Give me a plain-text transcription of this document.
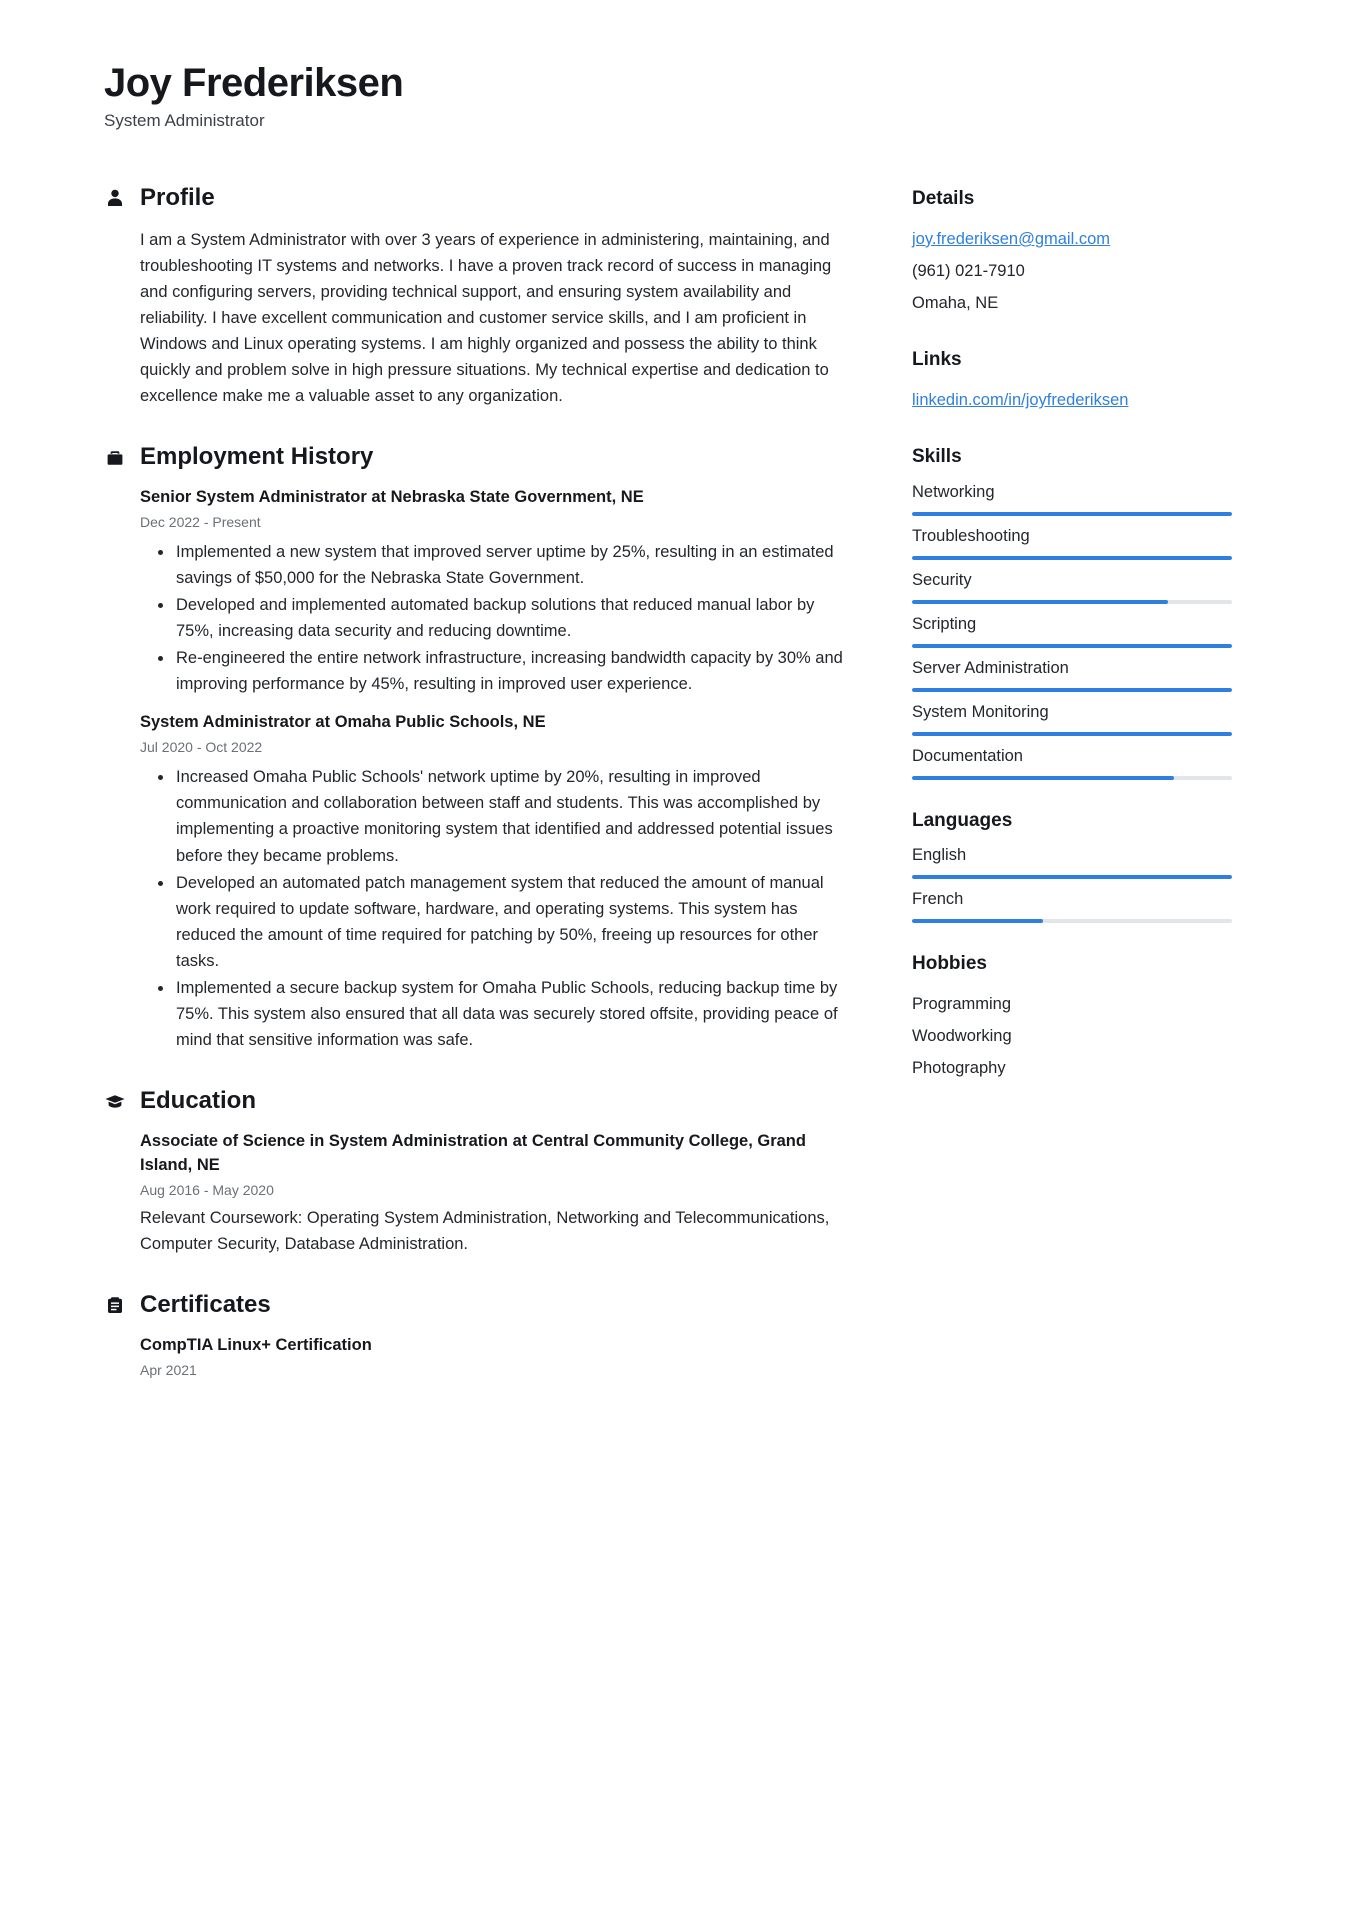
Joy Frederiksen
System Administrator
Profile

I am a System Administrator with over 3 years of experience in administering, maintaining, and troubleshooting IT systems and networks. I have a proven track record of success in managing and configuring servers, providing technical support, and ensuring system availability and reliability. I have excellent communication and customer service skills, and I am proficient in Windows and Linux operating systems. I am highly organized and possess the ability to think quickly and problem solve in high pressure situations. My technical expertise and dedication to excellence make me a valuable asset to any organization.

Employment History
Senior System Administrator at Nebraska State Government, NE
Dec 2022 - Present
Implemented a new system that improved server uptime by 25%, resulting in an estimated savings of $50,000 for the Nebraska State Government.
Developed and implemented automated backup solutions that reduced manual labor by 75%, increasing data security and reducing downtime.
Re-engineered the entire network infrastructure, increasing bandwidth capacity by 30% and improving performance by 45%, resulting in improved user experience.
System Administrator at Omaha Public Schools, NE
Jul 2020 - Oct 2022
Increased Omaha Public Schools' network uptime by 20%, resulting in improved communication and collaboration between staff and students. This was accomplished by implementing a proactive monitoring system that identified and addressed potential issues before they became problems.
Developed an automated patch management system that reduced the amount of manual work required to update software, hardware, and operating systems. This system has reduced the amount of time required for patching by 50%, freeing up resources for other tasks.
Implemented a secure backup system for Omaha Public Schools, reducing backup time by 75%. This system also ensured that all data was securely stored offsite, providing peace of mind that sensitive information was safe.
Education
Associate of Science in System Administration at Central Community College, Grand Island, NE
Aug 2016 - May 2020

Relevant Coursework: Operating System Administration, Networking and Telecommunications, Computer Security, Database Administration.

Certificates
CompTIA Linux+ Certification
Apr 2021
Details
joy.frederiksen@gmail.com
(961) 021-7910
Omaha, NE
Links
linkedin.com/in/joyfrederiksen
Skills
Networking
Troubleshooting
Security
Scripting
Server Administration
System Monitoring
Documentation
Languages
English
French
Hobbies
Programming
Woodworking
Photography
